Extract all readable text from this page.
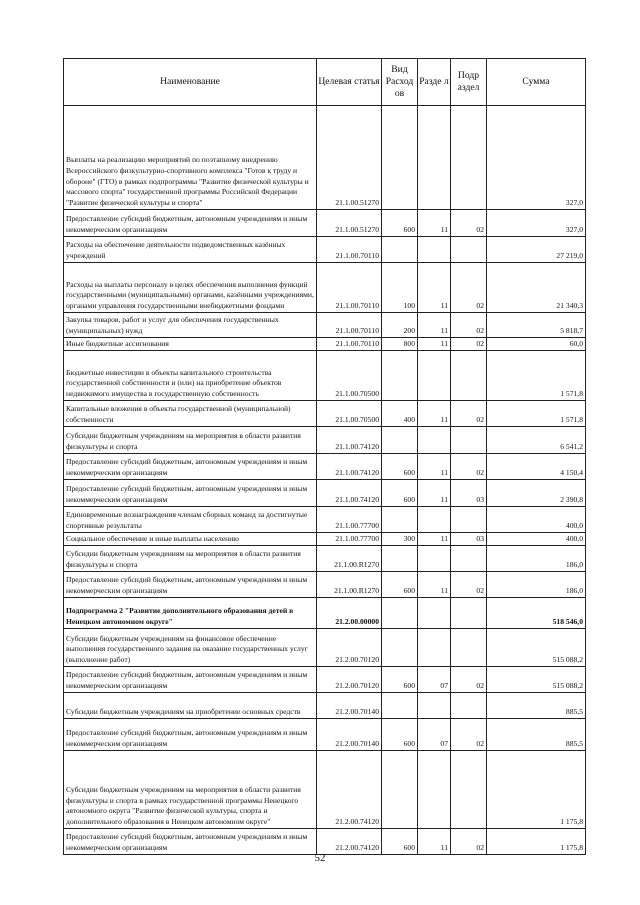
Наименование	Целевая статья	Вид Расход ов	Разде л	Подр аздел	Сумма
Выплаты на реализацию мероприятий по поэтапному внедрению Всероссийского физкультурно-спортивного комплекса "Готов к труду и обороне" (ГТО) в рамках подпрограммы "Развитие физической культуры и массового спорта" государственной программы Российской Федерации "Развитие физической культуры и спорта"	21.1.00.51270				327,0
Предоставление субсидий бюджетным, автономным учреждениям и иным некоммерческим организациям	21.1.00.51270	600	11	02	327,0
Расходы на обеспечение деятельности подведомственных казённых учреждений	21.1.00.70110				27 219,0
Расходы на выплаты персоналу в целях обеспечения выполнения функций государственными (муниципальными) органами, казёнными учреждениями, органами управления государственными внебюджетными фондами	21.1.00.70110	100	11	02	21 340,3
Закупка товаров, работ и услуг для обеспечения государственных (муниципальных) нужд	21.1.00.70110	200	11	02	5 818,7
Иные бюджетные ассигнования	21.1.00.70110	800	11	02	60,0
Бюджетные инвестиции в объекты капитального строительства государственной собственности и (или) на приобретение объектов недвижимого имущества в государственную собственность	21.1.00.70500				1 571,8
Капитальные вложения в объекты государственной (муниципальной) собственности	21.1.00.70500	400	11	02	1 571,8
Субсидии бюджетным учреждениям на мероприятия в области развития физкультуры и спорта	21.1.00.74120				6 541,2
Предоставление субсидий бюджетным, автономным учреждениям и иным некоммерческим организациям	21.1.00.74120	600	11	02	4 150,4
Предоставление субсидий бюджетным, автономным учреждениям и иным некоммерческим организациям	21.1.00.74120	600	11	03	2 390,8
Единовременные вознаграждения членам сборных команд за достигнутые спортивные результаты	21.1.00.77700				400,0
Социальное обеспечение и иные выплаты населению	21.1.00.77700	300	11	03	400,0
Субсидии бюджетным учреждениям на мероприятия в области развития физкультуры и спорта	21.1.00.R1270				186,0
Предоставление субсидий бюджетным, автономным учреждениям и иным некоммерческим организациям	21.1.00.R1270	600	11	02	186,0
Подпрограмма 2 "Развитие дополнительного образования детей в Ненецком автономном округе"	21.2.00.00000				518 546,0
Субсидии бюджетным учреждениям на финансовое обеспечение выполнения государственного задания на оказание государственных услуг (выполнение работ)	21.2.00.70120				515 088,2
Предоставление субсидий бюджетным, автономным учреждениям и иным некоммерческим организациям	21.2.00.70120	600	07	02	515 088,2
Субсидии бюджетным учреждениям на приобретение основных средств	21.2.00.70140				885,5
Предоставление субсидий бюджетным, автономным учреждениям и иным некоммерческим организациям	21.2.00.70140	600	07	02	885,5
Субсидии бюджетным учреждениям на мероприятия в области развития физкультуры и спорта в рамках государственной программы Ненецкого автономного округа "Развитие физической культуры, спорта и дополнительного образования в Ненецком автономном округе"	21.2.00.74120				1 175,8
Предоставление субсидий бюджетным, автономным учреждениям и иным некоммерческим организациям	21.2.00.74120	600	11	02	1 175,8
52
